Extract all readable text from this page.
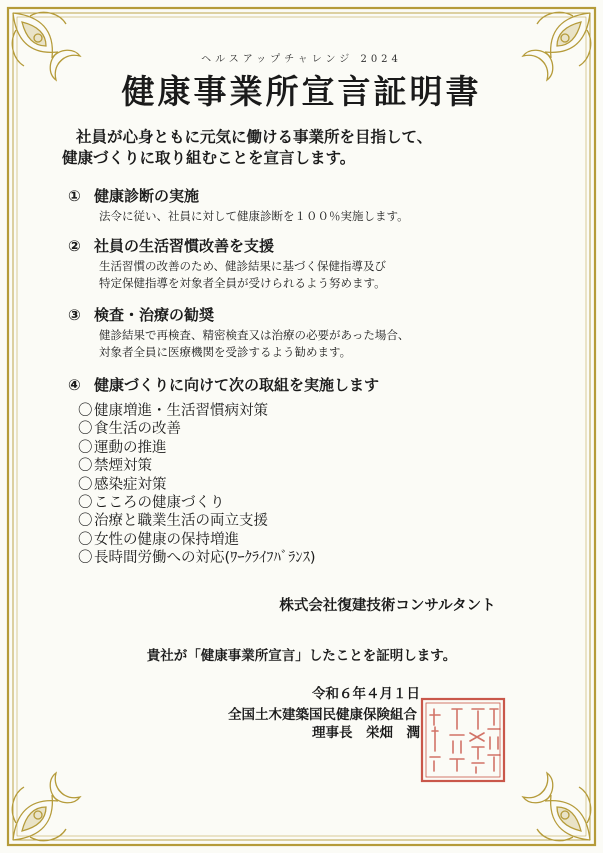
ヘルスアップチャレンジ 2024
健康事業所宣言証明書
社員が心身ともに元気に働ける事業所を目指して、
健康づくりに取り組むことを宣言します。
① 健康診断の実施
法令に従い、社員に対して健康診断を１００％実施します。
② 社員の生活習慣改善を支援
生活習慣の改善のため、健診結果に基づく保健指導及び
特定保健指導を対象者全員が受けられるよう努めます。
③ 検査・治療の勧奨
健診結果で再検査、精密検査又は治療の必要があった場合、
対象者全員に医療機関を受診するよう勧めます。
④ 健康づくりに向けて次の取組を実施します
〇 健康増進・生活習慣病対策
〇 食生活の改善
〇 運動の推進
〇 禁煙対策
〇 感染症対策
〇 こころの健康づくり
〇 治療と職業生活の両立支援
〇 女性の健康の保持増進
〇 長時間労働への対応(ﾜｰｸﾗｲﾌﾊﾞﾗﾝｽ)
株式会社復建技術コンサルタント
貴社が「健康事業所宣言」したことを証明します。
令和６年４月１日
全国土木建築国民健康保険組合
理事長　栄畑　潤
